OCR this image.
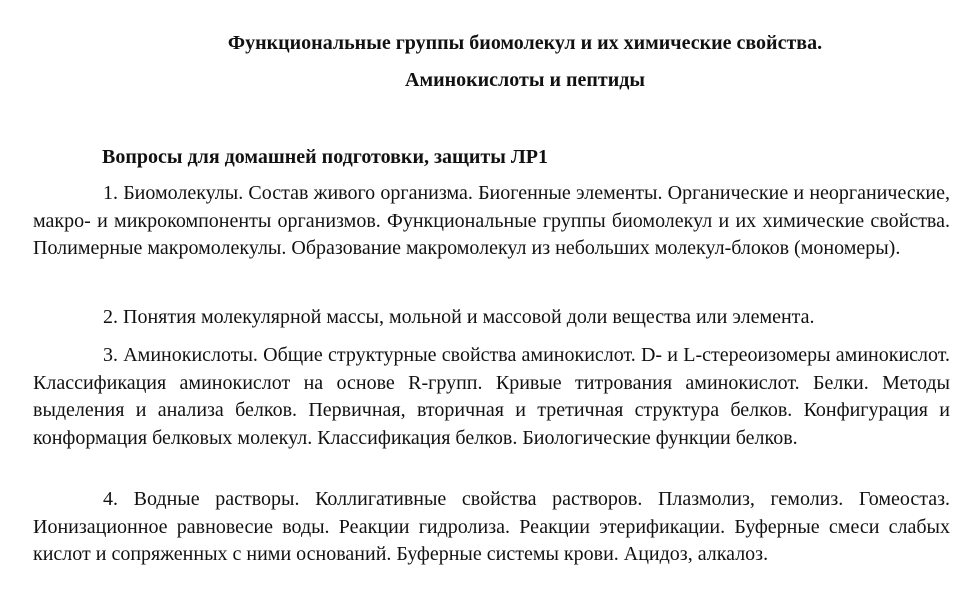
Функциональные группы биомолекул и их химические свойства.
Аминокислоты и пептиды
Вопросы для домашней подготовки, защиты ЛР1

1. Биомолекулы. Состав живого организма. Биогенные элементы. Органические и неорганические, макро- и микрокомпоненты организмов. Функциональные группы биомолекул и их химические свойства. Полимерные макромолекулы. Образование макромолекул из небольших молекул-блоков (мономеры).

2. Понятия молекулярной массы, мольной и массовой доли вещества или элемента.

3. Аминокислоты. Общие структурные свойства аминокислот. D- и L-стереоизомеры аминокислот. Классификация аминокислот на основе R-групп. Кривые титрования аминокислот. Белки. Методы выделения и анализа белков. Первичная, вторичная и третичная структура белков. Конфигурация и конформация белковых молекул. Классификация белков. Биологические функции белков.

4. Водные растворы. Коллигативные свойства растворов. Плазмолиз, гемолиз. Гомеостаз. Ионизационное равновесие воды. Реакции гидролиза. Реакции этерификации. Буферные смеси слабых кислот и сопряженных с ними оснований. Буферные системы крови. Ацидоз, алкалоз.
